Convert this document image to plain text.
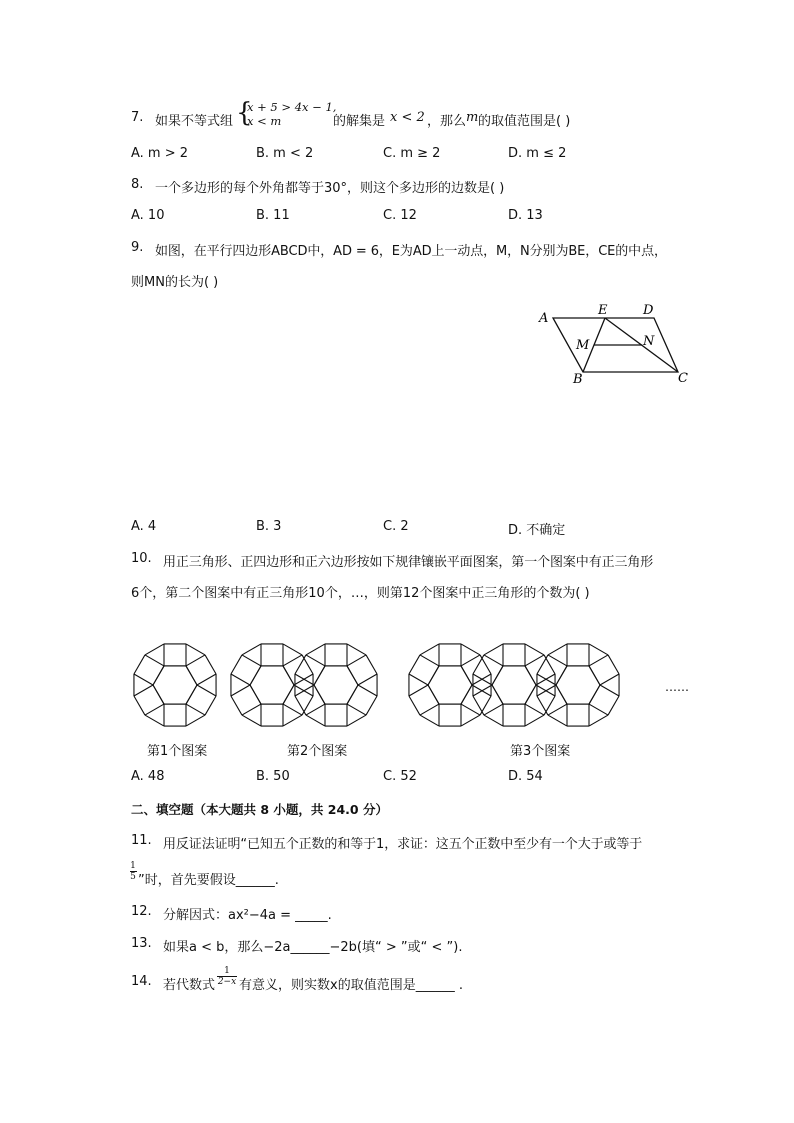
7. 如果不等式组 {
x + 5 > 4x − 1,
x < m	的解集是 x < 2 ，那么 m 的取值范围是( )
A. m > 2	B. m < 2	C. m ≥ 2	D. m ≤ 2
8. 一个多边形的每个外角都等于30°，则这个多边形的边数是( )
A. 10	B. 11	C. 12	D. 13
9. 如图，在平行四边形ABCD中，AD = 6，E为AD上一动点，M，N分别为BE，CE的中点，
则MN的长为( )
A
E	D
M	N
B	C
A. 4	B. 3	C. 2	D. 不确定
10. 用正三角形、正四边形和正六边形按如下规律镶嵌平面图案，第一个图案中有正三角形
6个，第二个图案中有正三角形10个，…，则第12个图案中正三角形的个数为( )
……
第1个图案	第2个图案	第3个图案
A. 48	B. 50	C. 52	D. 54
二、填空题（本大题共 8 小题，共 24.0 分）
11. 用反证法证明“已知五个正数的和等于1，求证：这五个正数中至少有一个大于或等于
1
5 ”时，首先要假设______.
12. 分解因式：ax²−4a = _____.
13. 如果a < b，那么−2a______−2b(填“ > ”或“ < ”).
14. 若代数式
1
2−x 有意义，则实数x的取值范围是______ .
